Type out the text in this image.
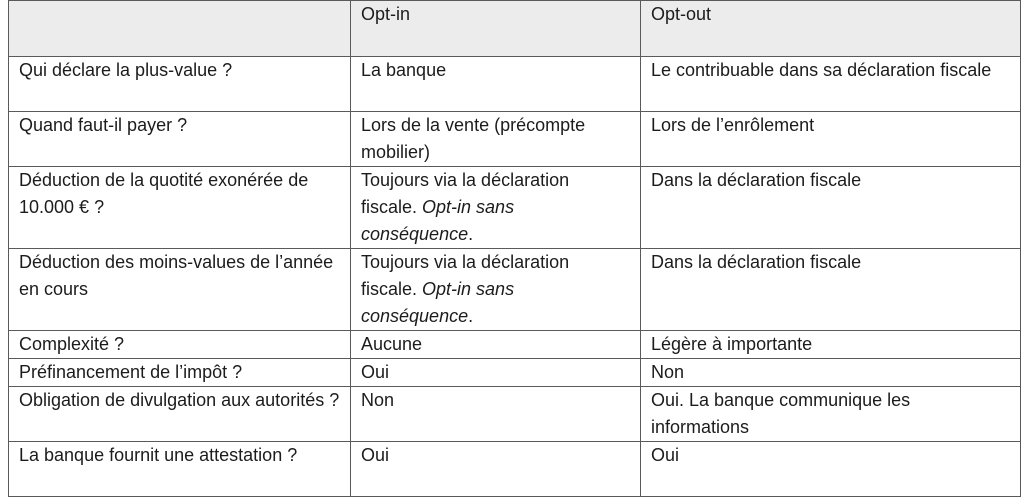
	Opt-in	Opt-out
Qui déclare la plus-value ?	La banque	Le contribuable dans sa déclaration fiscale
Quand faut-il payer ?	Lors de la vente (précompte mobilier)	Lors de l’enrôlement
Déduction de la quotité exonérée de 10.000 € ?	Toujours via la déclaration fiscale. Opt-in sans conséquence.	Dans la déclaration fiscale
Déduction des moins-values de l’année en cours	Toujours via la déclaration fiscale. Opt-in sans conséquence.	Dans la déclaration fiscale
Complexité ?	Aucune	Légère à importante
Préfinancement de l’impôt ?	Oui	Non
Obligation de divulgation aux autorités ?	Non	Oui. La banque communique les informations
La banque fournit une attestation ?	Oui	Oui
